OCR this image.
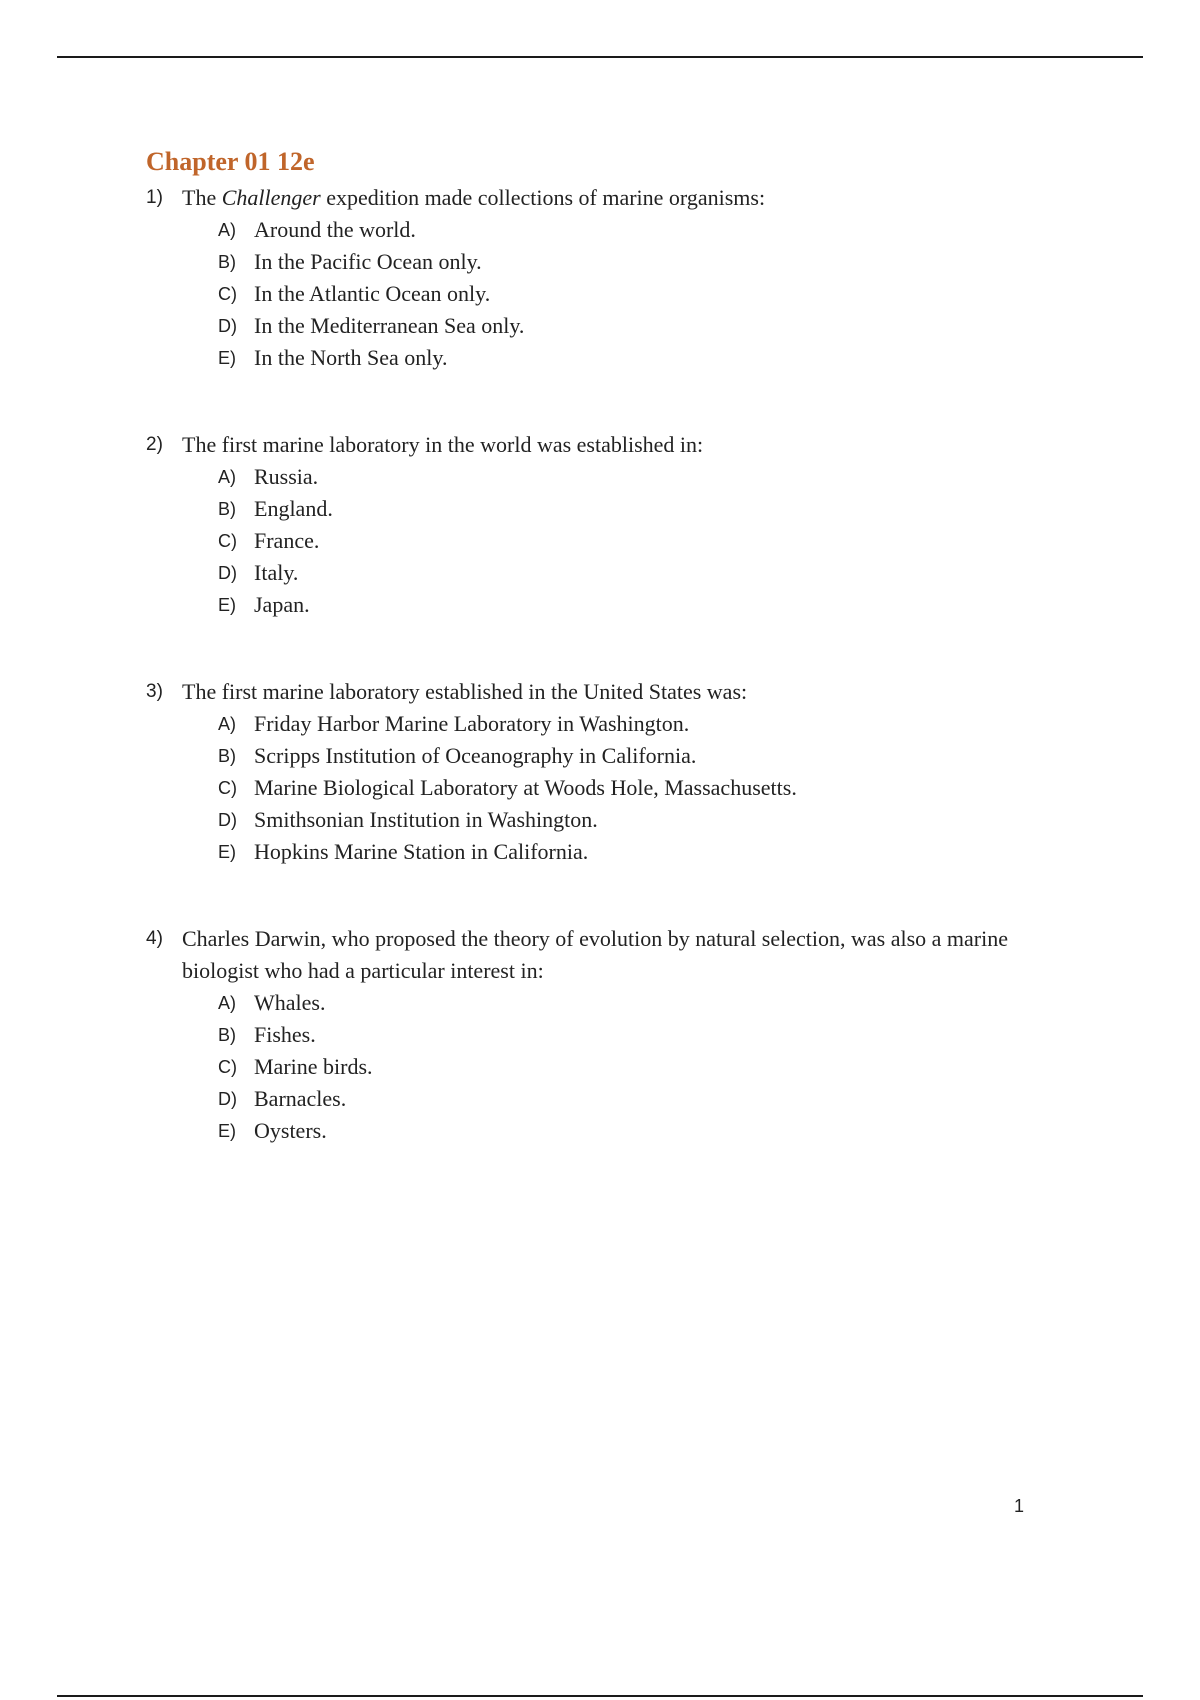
Chapter 01 12e
1) The Challenger expedition made collections of marine organisms:
A) Around the world.
B) In the Pacific Ocean only.
C) In the Atlantic Ocean only.
D) In the Mediterranean Sea only.
E) In the North Sea only.
2) The first marine laboratory in the world was established in:
A) Russia.
B) England.
C) France.
D) Italy.
E) Japan.
3) The first marine laboratory established in the United States was:
A) Friday Harbor Marine Laboratory in Washington.
B) Scripps Institution of Oceanography in California.
C) Marine Biological Laboratory at Woods Hole, Massachusetts.
D) Smithsonian Institution in Washington.
E) Hopkins Marine Station in California.
4) Charles Darwin, who proposed the theory of evolution by natural selection, was also a marine biologist who had a particular interest in:
A) Whales.
B) Fishes.
C) Marine birds.
D) Barnacles.
E) Oysters.
1
